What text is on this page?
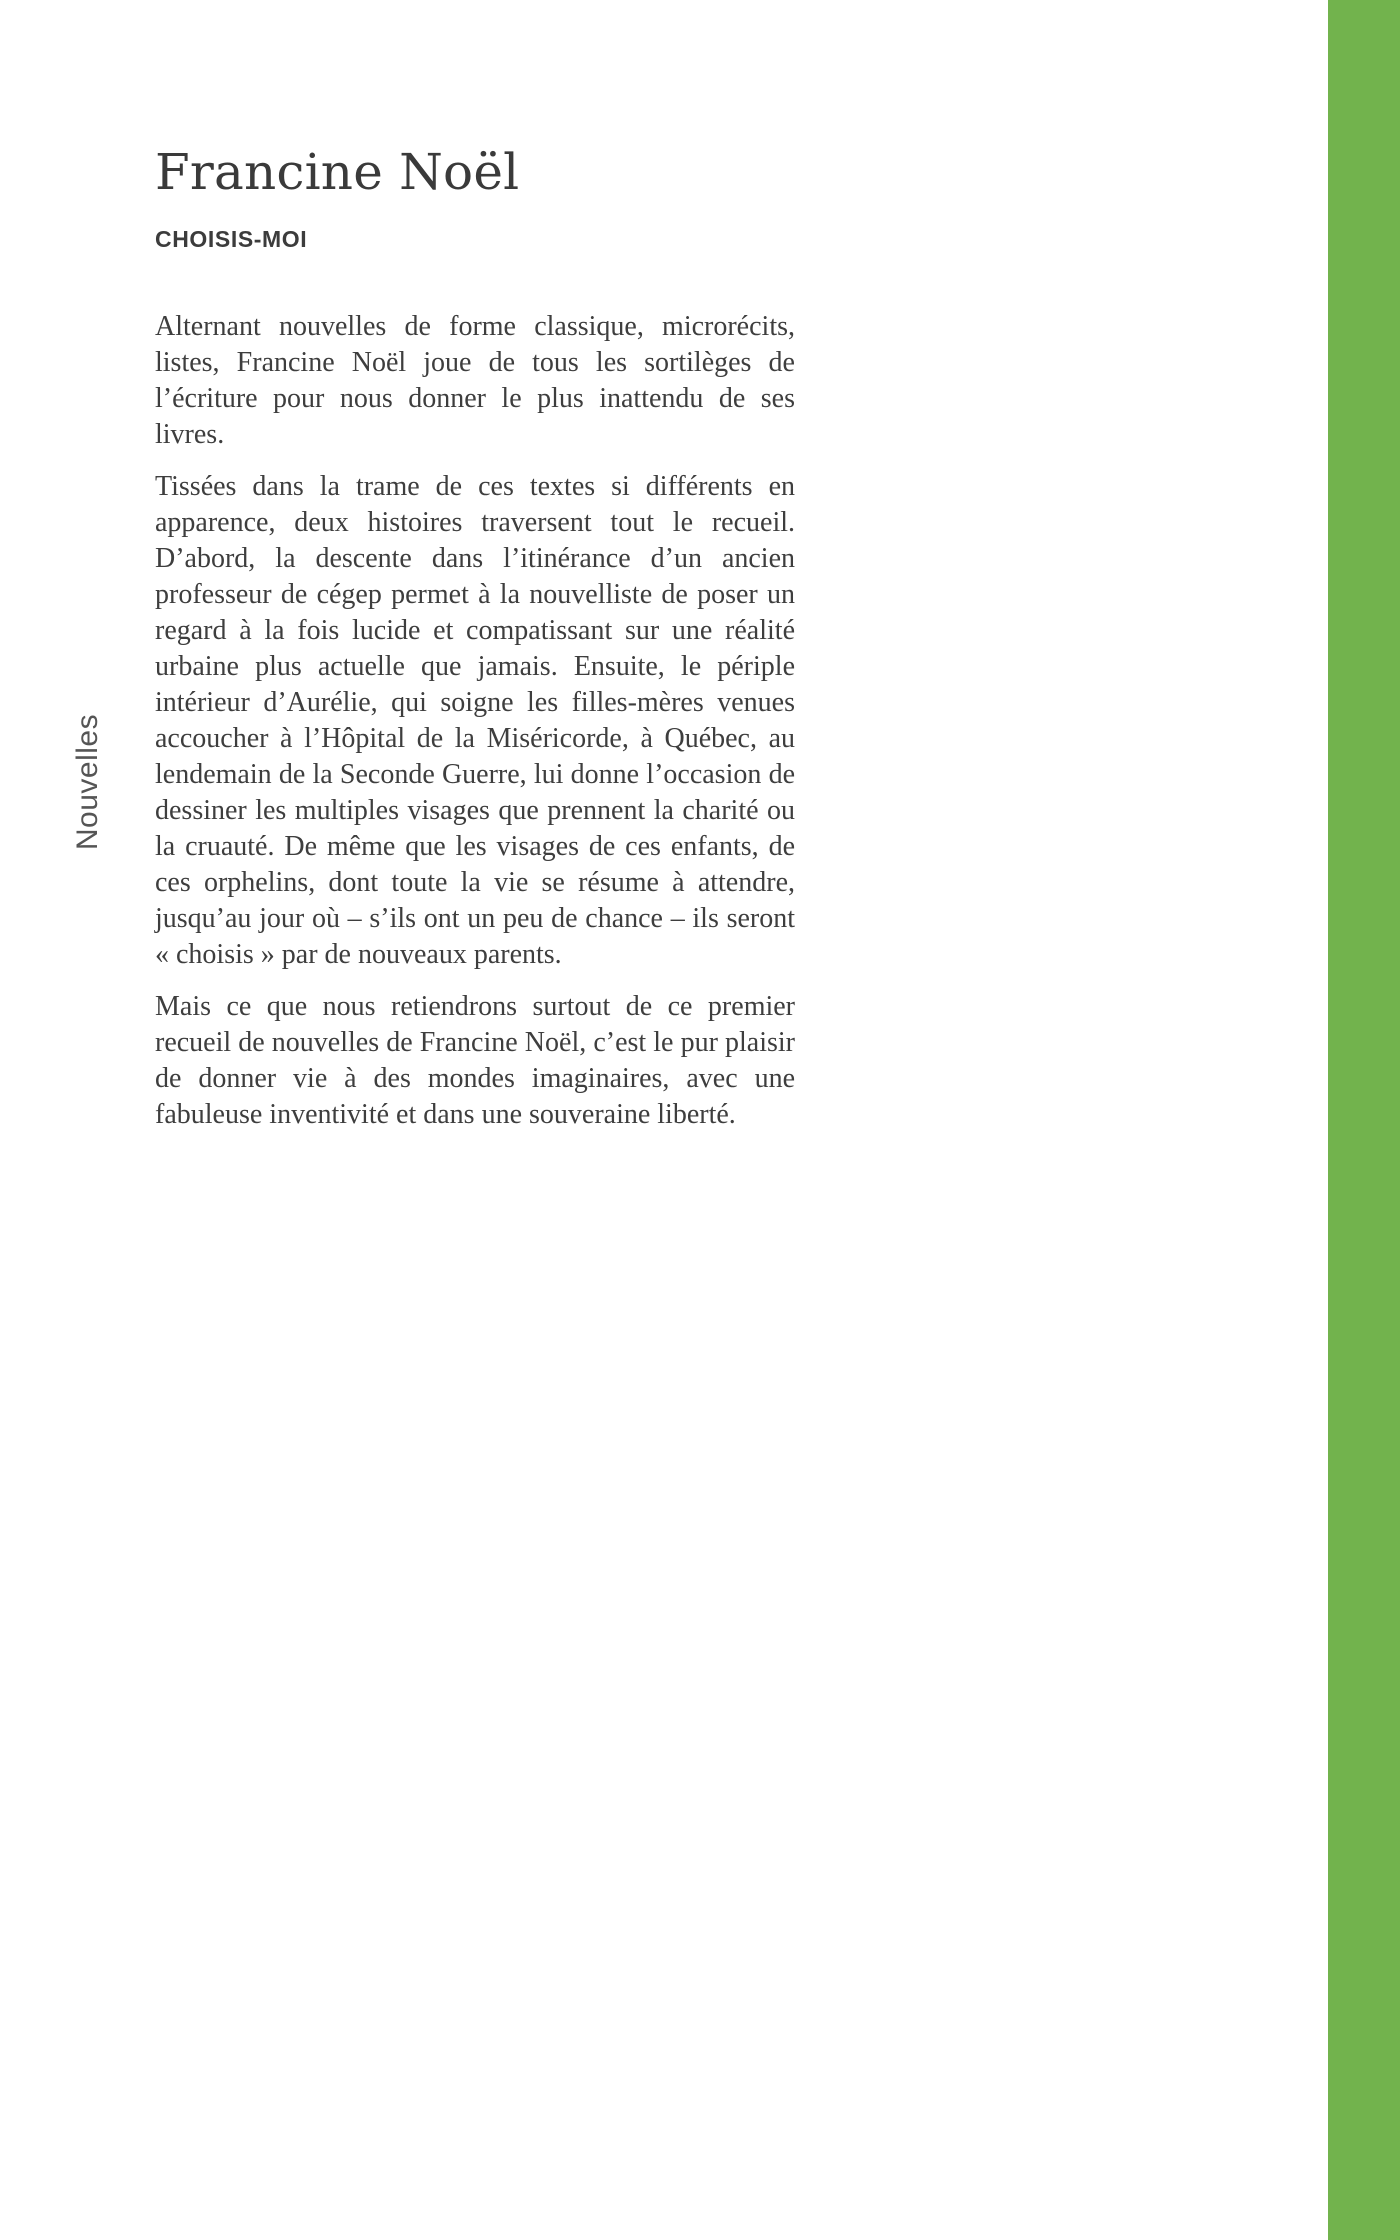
Nouvelles
Francine Noël
CHOISIS-MOI

Alternant nouvelles de forme classique, microrécits, listes, Francine Noël joue de tous les sortilèges de l’écriture pour nous donner le plus inattendu de ses livres.

Tissées dans la trame de ces textes si différents en apparence, deux histoires traversent tout le recueil. D’abord, la descente dans l’itinérance d’un ancien professeur de cégep permet à la nouvelliste de poser un regard à la fois lucide et compatissant sur une réalité urbaine plus actuelle que jamais. Ensuite, le périple intérieur d’Aurélie, qui soigne les filles-mères venues accoucher à l’Hôpital de la Miséricorde, à Québec, au lendemain de la Seconde Guerre, lui donne l’occasion de dessiner les multiples visages que prennent la charité ou la cruauté. De même que les visages de ces enfants, de ces orphelins, dont toute la vie se résume à attendre, jusqu’au jour où – s’ils ont un peu de chance – ils seront « choisis » par de nouveaux parents.

Mais ce que nous retiendrons surtout de ce premier recueil de nouvelles de Francine Noël, c’est le pur plaisir de donner vie à des mondes imaginaires, avec une fabuleuse inventivité et dans une souveraine liberté.
